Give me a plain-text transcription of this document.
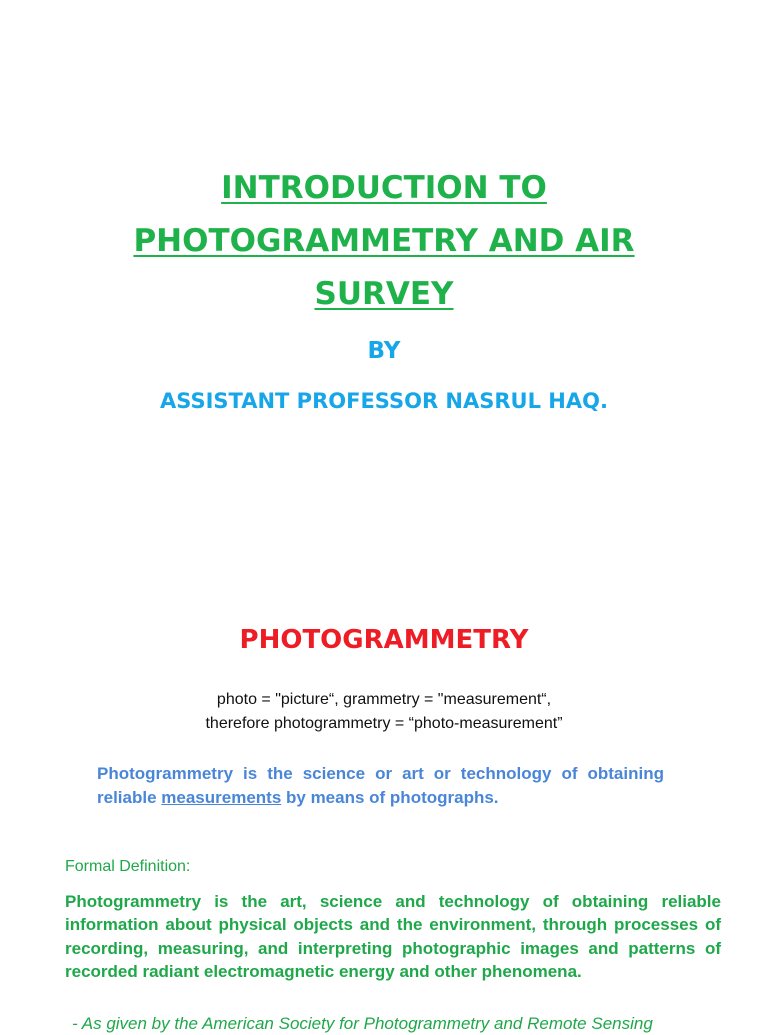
INTRODUCTION TO
PHOTOGRAMMETRY AND AIR
SURVEY
BY
ASSISTANT PROFESSOR NASRUL HAQ.
PHOTOGRAMMETRY
photo = "picture“, grammetry = "measurement“,
therefore photogrammetry = “photo-measurement”

Photogrammetry is the science or art or technology of obtaining reliable measurements by means of photographs.

Formal Definition:

Photogrammetry is the art, science and technology of obtaining reliable information about physical objects and the environment, through processes of recording, measuring, and interpreting photographic images and patterns of recorded radiant electromagnetic energy and other phenomena.

- As given by the American Society for Photogrammetry and Remote Sensing
